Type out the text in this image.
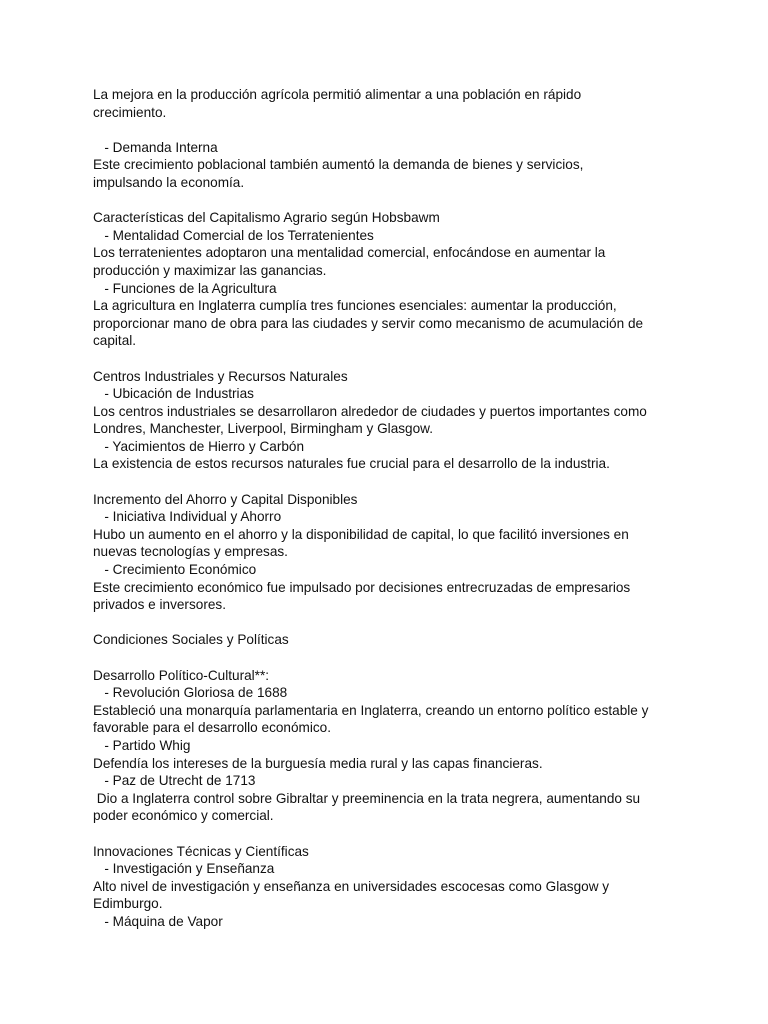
La mejora en la producción agrícola permitió alimentar a una población en rápido
crecimiento.
- Demanda Interna
Este crecimiento poblacional también aumentó la demanda de bienes y servicios,
impulsando la economía.
Características del Capitalismo Agrario según Hobsbawm
- Mentalidad Comercial de los Terratenientes
Los terratenientes adoptaron una mentalidad comercial, enfocándose en aumentar la
producción y maximizar las ganancias.
- Funciones de la Agricultura
La agricultura en Inglaterra cumplía tres funciones esenciales: aumentar la producción,
proporcionar mano de obra para las ciudades y servir como mecanismo de acumulación de
capital.
Centros Industriales y Recursos Naturales
- Ubicación de Industrias
Los centros industriales se desarrollaron alrededor de ciudades y puertos importantes como
Londres, Manchester, Liverpool, Birmingham y Glasgow.
- Yacimientos de Hierro y Carbón
La existencia de estos recursos naturales fue crucial para el desarrollo de la industria.
Incremento del Ahorro y Capital Disponibles
- Iniciativa Individual y Ahorro
Hubo un aumento en el ahorro y la disponibilidad de capital, lo que facilitó inversiones en
nuevas tecnologías y empresas.
- Crecimiento Económico
Este crecimiento económico fue impulsado por decisiones entrecruzadas de empresarios
privados e inversores.
Condiciones Sociales y Políticas
Desarrollo Político-Cultural**:
- Revolución Gloriosa de 1688
Estableció una monarquía parlamentaria en Inglaterra, creando un entorno político estable y
favorable para el desarrollo económico.
- Partido Whig
Defendía los intereses de la burguesía media rural y las capas financieras.
- Paz de Utrecht de 1713
Dio a Inglaterra control sobre Gibraltar y preeminencia en la trata negrera, aumentando su
poder económico y comercial.
Innovaciones Técnicas y Científicas
- Investigación y Enseñanza
Alto nivel de investigación y enseñanza en universidades escocesas como Glasgow y
Edimburgo.
- Máquina de Vapor
